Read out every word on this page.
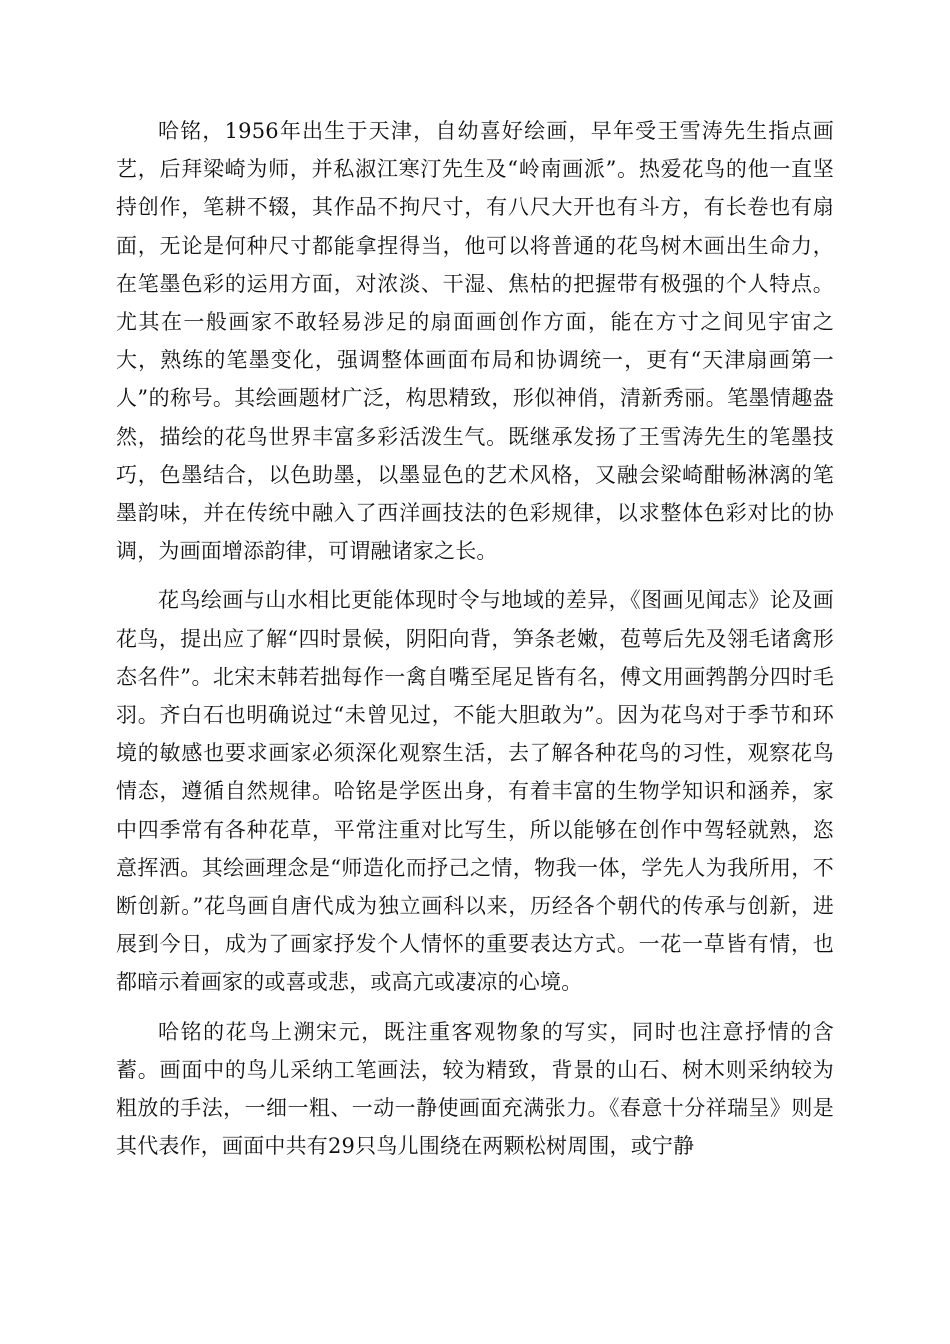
哈铭，1956年出生于天津，自幼喜好绘画，早年受王雪涛先生指点画艺，后拜梁崎为师，并私淑江寒汀先生及“岭南画派”。热爱花鸟的他一直坚持创作，笔耕不辍，其作品不拘尺寸，有八尺大开也有斗方，有长卷也有扇面，无论是何种尺寸都能拿捏得当，他可以将普通的花鸟树木画出生命力，在笔墨色彩的运用方面，对浓淡、干湿、焦枯的把握带有极强的个人特点。尤其在一般画家不敢轻易涉足的扇面画创作方面，能在方寸之间见宇宙之大，熟练的笔墨变化，强调整体画面布局和协调统一，更有“天津扇画第一人”的称号。其绘画题材广泛，构思精致，形似神俏，清新秀丽。笔墨情趣盎然，描绘的花鸟世界丰富多彩活泼生气。既继承发扬了王雪涛先生的笔墨技巧，色墨结合，以色助墨，以墨显色的艺术风格，又融会梁崎酣畅淋漓的笔墨韵味，并在传统中融入了西洋画技法的色彩规律，以求整体色彩对比的协调，为画面增添韵律，可谓融诸家之长。

花鸟绘画与山水相比更能体现时令与地域的差异，《图画见闻志》论及画花鸟，提出应了解“四时景候，阴阳向背，笋条老嫩，苞萼后先及翎毛诸禽形态名件”。北宋末韩若拙每作一禽自嘴至尾足皆有名，傅文用画鹁鹊分四时毛羽。齐白石也明确说过“未曾见过，不能大胆敢为”。因为花鸟对于季节和环境的敏感也要求画家必须深化观察生活，去了解各种花鸟的习性，观察花鸟情态，遵循自然规律。哈铭是学医出身，有着丰富的生物学知识和涵养，家中四季常有各种花草，平常注重对比写生，所以能够在创作中驾轻就熟，恣意挥洒。其绘画理念是“师造化而抒己之情，物我一体，学先人为我所用，不断创新。”花鸟画自唐代成为独立画科以来，历经各个朝代的传承与创新，进展到今日，成为了画家抒发个人情怀的重要表达方式。一花一草皆有情，也都暗示着画家的或喜或悲，或高亢或凄凉的心境。

哈铭的花鸟上溯宋元，既注重客观物象的写实，同时也注意抒情的含蓄。画面中的鸟儿采纳工笔画法，较为精致，背景的山石、树木则采纳较为粗放的手法，一细一粗、一动一静使画面充满张力。《春意十分祥瑞呈》则是其代表作，画面中共有29只鸟儿围绕在两颗松树周围，或宁静
